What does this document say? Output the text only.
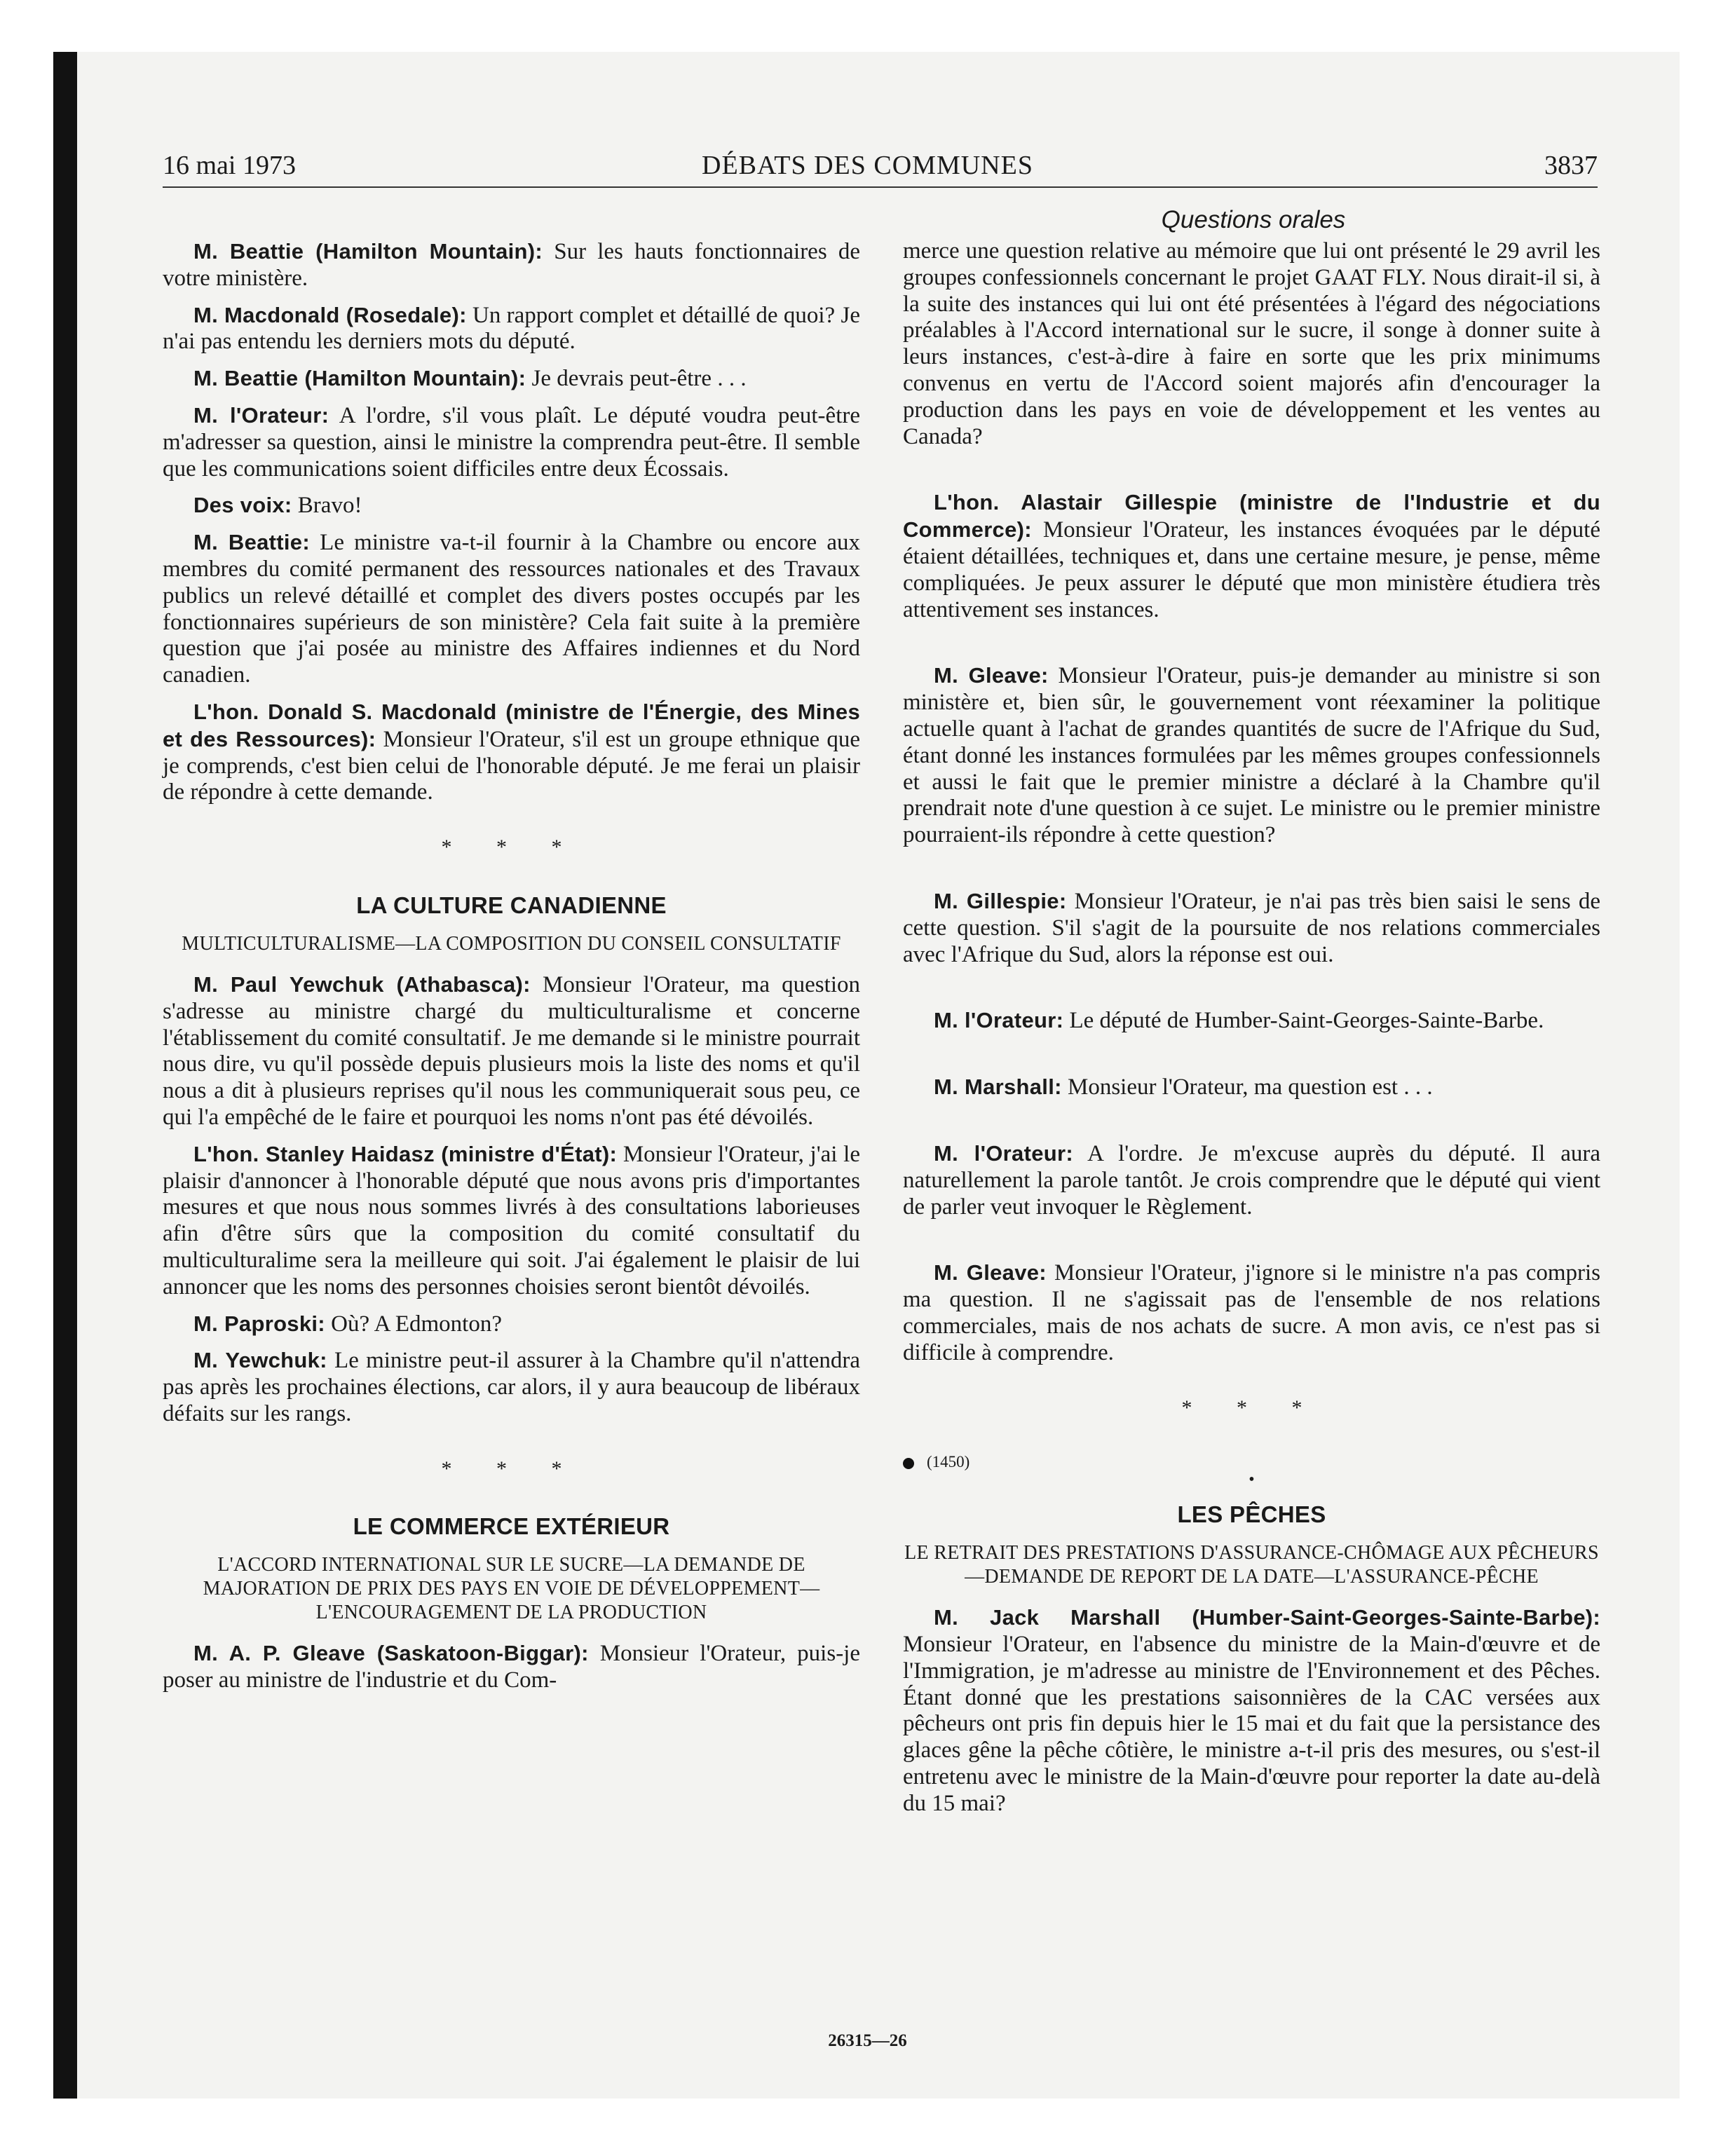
16 mai 1973	DÉBATS DES COMMUNES	3837
Questions orales

M. Beattie (Hamilton Mountain): Sur les hauts fonctionnaires de votre ministère.

M. Macdonald (Rosedale): Un rapport complet et détaillé de quoi? Je n'ai pas entendu les derniers mots du député.

M. Beattie (Hamilton Mountain): Je devrais peut-être . . .

M. l'Orateur: A l'ordre, s'il vous plaît. Le député voudra peut-être m'adresser sa question, ainsi le ministre la comprendra peut-être. Il semble que les communications soient difficiles entre deux Écossais.

Des voix: Bravo!

M. Beattie: Le ministre va-t-il fournir à la Chambre ou encore aux membres du comité permanent des ressources nationales et des Travaux publics un relevé détaillé et complet des divers postes occupés par les fonctionnaires supérieurs de son ministère? Cela fait suite à la première question que j'ai posée au ministre des Affaires indiennes et du Nord canadien.

L'hon. Donald S. Macdonald (ministre de l'Énergie, des Mines et des Ressources): Monsieur l'Orateur, s'il est un groupe ethnique que je comprends, c'est bien celui de l'honorable député. Je me ferai un plaisir de répondre à cette demande.

* * *
LA CULTURE CANADIENNE
MULTICULTURALISME—LA COMPOSITION DU CONSEIL CONSULTATIF

M. Paul Yewchuk (Athabasca): Monsieur l'Orateur, ma question s'adresse au ministre chargé du multiculturalisme et concerne l'établissement du comité consultatif. Je me demande si le ministre pourrait nous dire, vu qu'il possède depuis plusieurs mois la liste des noms et qu'il nous a dit à plusieurs reprises qu'il nous les communiquerait sous peu, ce qui l'a empêché de le faire et pourquoi les noms n'ont pas été dévoilés.

L'hon. Stanley Haidasz (ministre d'État): Monsieur l'Orateur, j'ai le plaisir d'annoncer à l'honorable député que nous avons pris d'importantes mesures et que nous nous sommes livrés à des consultations laborieuses afin d'être sûrs que la composition du comité consultatif du multiculturalime sera la meilleure qui soit. J'ai également le plaisir de lui annoncer que les noms des personnes choisies seront bientôt dévoilés.

M. Paproski: Où? A Edmonton?

M. Yewchuk: Le ministre peut-il assurer à la Chambre qu'il n'attendra pas après les prochaines élections, car alors, il y aura beaucoup de libéraux défaits sur les rangs.

* * *
LE COMMERCE EXTÉRIEUR
L'ACCORD INTERNATIONAL SUR LE SUCRE—LA DEMANDE DE MAJORATION DE PRIX DES PAYS EN VOIE DE DÉVELOPPEMENT—L'ENCOURAGEMENT DE LA PRODUCTION

M. A. P. Gleave (Saskatoon-Biggar): Monsieur l'Orateur, puis-je poser au ministre de l'industrie et du Com-

merce une question relative au mémoire que lui ont présenté le 29 avril les groupes confessionnels concernant le projet GAAT FLY. Nous dirait-il si, à la suite des instances qui lui ont été présentées à l'égard des négociations préalables à l'Accord international sur le sucre, il songe à donner suite à leurs instances, c'est-à-dire à faire en sorte que les prix minimums convenus en vertu de l'Accord soient majorés afin d'encourager la production dans les pays en voie de développement et les ventes au Canada?

L'hon. Alastair Gillespie (ministre de l'Industrie et du Commerce): Monsieur l'Orateur, les instances évoquées par le député étaient détaillées, techniques et, dans une certaine mesure, je pense, même compliquées. Je peux assurer le député que mon ministère étudiera très attentivement ses instances.

M. Gleave: Monsieur l'Orateur, puis-je demander au ministre si son ministère et, bien sûr, le gouvernement vont réexaminer la politique actuelle quant à l'achat de grandes quantités de sucre de l'Afrique du Sud, étant donné les instances formulées par les mêmes groupes confessionnels et aussi le fait que le premier ministre a déclaré à la Chambre qu'il prendrait note d'une question à ce sujet. Le ministre ou le premier ministre pourraient-ils répondre à cette question?

M. Gillespie: Monsieur l'Orateur, je n'ai pas très bien saisi le sens de cette question. S'il s'agit de la poursuite de nos relations commerciales avec l'Afrique du Sud, alors la réponse est oui.

M. l'Orateur: Le député de Humber-Saint-Georges-Sainte-Barbe.

M. Marshall: Monsieur l'Orateur, ma question est . . .

M. l'Orateur: A l'ordre. Je m'excuse auprès du député. Il aura naturellement la parole tantôt. Je crois comprendre que le député qui vient de parler veut invoquer le Règlement.

M. Gleave: Monsieur l'Orateur, j'ignore si le ministre n'a pas compris ma question. Il ne s'agissait pas de l'ensemble de nos relations commerciales, mais de nos achats de sucre. A mon avis, ce n'est pas si difficile à comprendre.

* * *
(1450)
•
LES PÊCHES
LE RETRAIT DES PRESTATIONS D'ASSURANCE-CHÔMAGE AUX PÊCHEURS—DEMANDE DE REPORT DE LA DATE—L'ASSURANCE-PÊCHE

M. Jack Marshall (Humber-Saint-Georges-Sainte-Barbe): Monsieur l'Orateur, en l'absence du ministre de la Main-d'œuvre et de l'Immigration, je m'adresse au ministre de l'Environnement et des Pêches. Étant donné que les prestations saisonnières de la CAC versées aux pêcheurs ont pris fin depuis hier le 15 mai et du fait que la persistance des glaces gêne la pêche côtière, le ministre a-t-il pris des mesures, ou s'est-il entretenu avec le ministre de la Main-d'œuvre pour reporter la date au-delà du 15 mai?

26315—26
